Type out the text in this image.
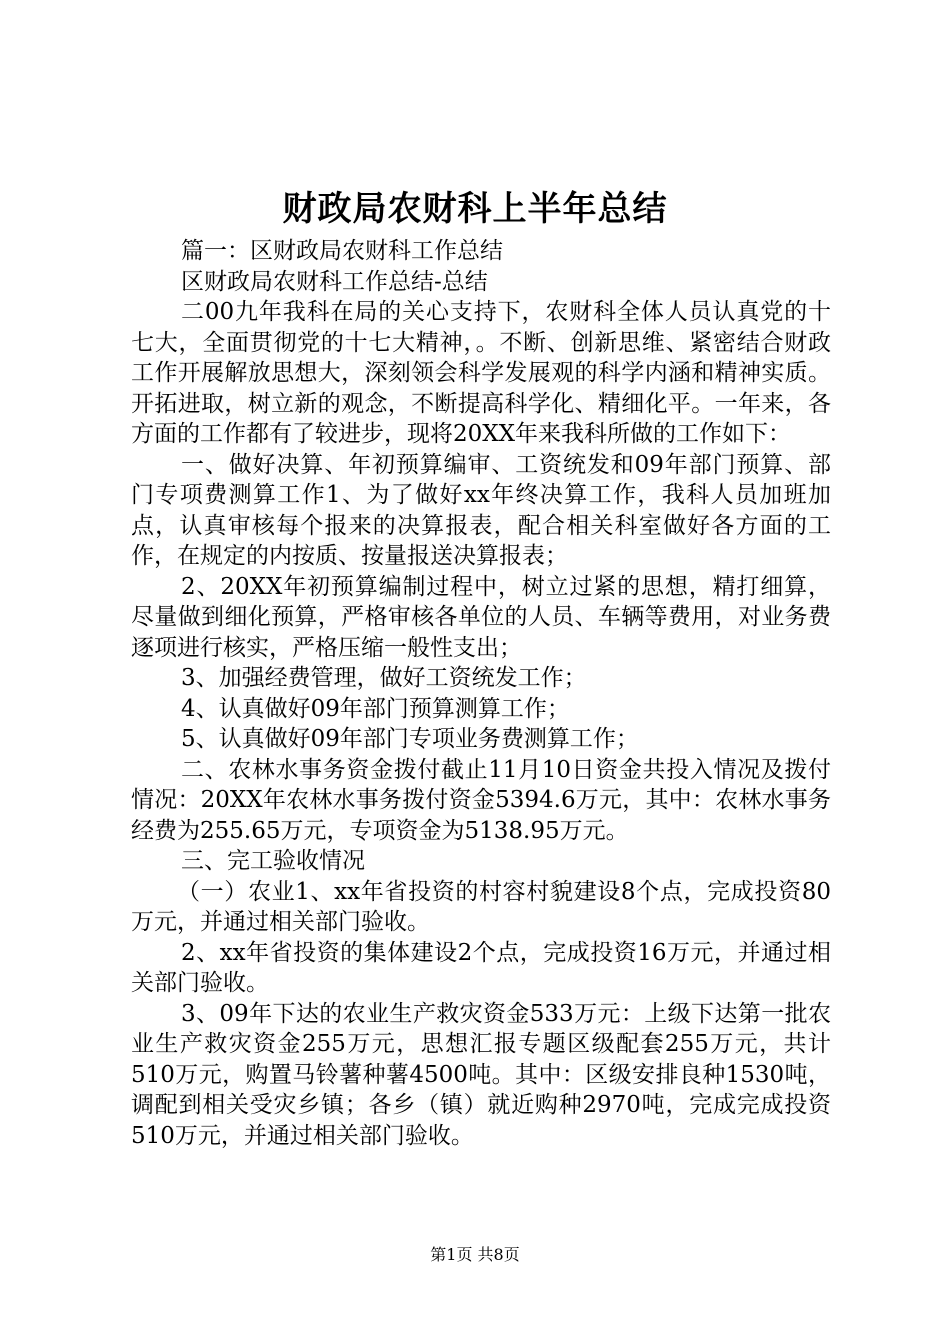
财政局农财科上半年总结

篇一：区财政局农财科工作总结

区财政局农财科工作总结-总结

二00九年我科在局的关心支持下，农财科全体人员认真党的十七大，全面贯彻党的十七大精神，。不断、创新思维、紧密结合财政工作开展解放思想大，深刻领会科学发展观的科学内涵和精神实质。开拓进取，树立新的观念，不断提高科学化、精细化平。一年来，各方面的工作都有了较进步，现将20XX年来我科所做的工作如下：

一、做好决算、年初预算编审、工资统发和09年部门预算、部门专项费测算工作1、为了做好xx年终决算工作，我科人员加班加点，认真审核每个报来的决算报表，配合相关科室做好各方面的工作，在规定的内按质、按量报送决算报表；

2、20XX年初预算编制过程中，树立过紧的思想，精打细算，尽量做到细化预算，严格审核各单位的人员、车辆等费用，对业务费逐项进行核实，严格压缩一般性支出；

3、加强经费管理，做好工资统发工作；

4、认真做好09年部门预算测算工作；

5、认真做好09年部门专项业务费测算工作；

二、农林水事务资金拨付截止11月10日资金共投入情况及拨付情况：20XX年农林水事务拨付资金5394.6万元，其中：农林水事务经费为255.65万元，专项资金为5138.95万元。

三、完工验收情况

（一）农业1、xx年省投资的村容村貌建设8个点，完成投资80万元，并通过相关部门验收。

2、xx年省投资的集体建设2个点，完成投资16万元，并通过相关部门验收。

3、09年下达的农业生产救灾资金533万元：上级下达第一批农业生产救灾资金255万元，思想汇报专题区级配套255万元，共计510万元，购置马铃薯种薯4500吨。其中：区级安排良种1530吨，调配到相关受灾乡镇；各乡（镇）就近购种2970吨，完成完成投资510万元，并通过相关部门验收。

第1页 共8页
